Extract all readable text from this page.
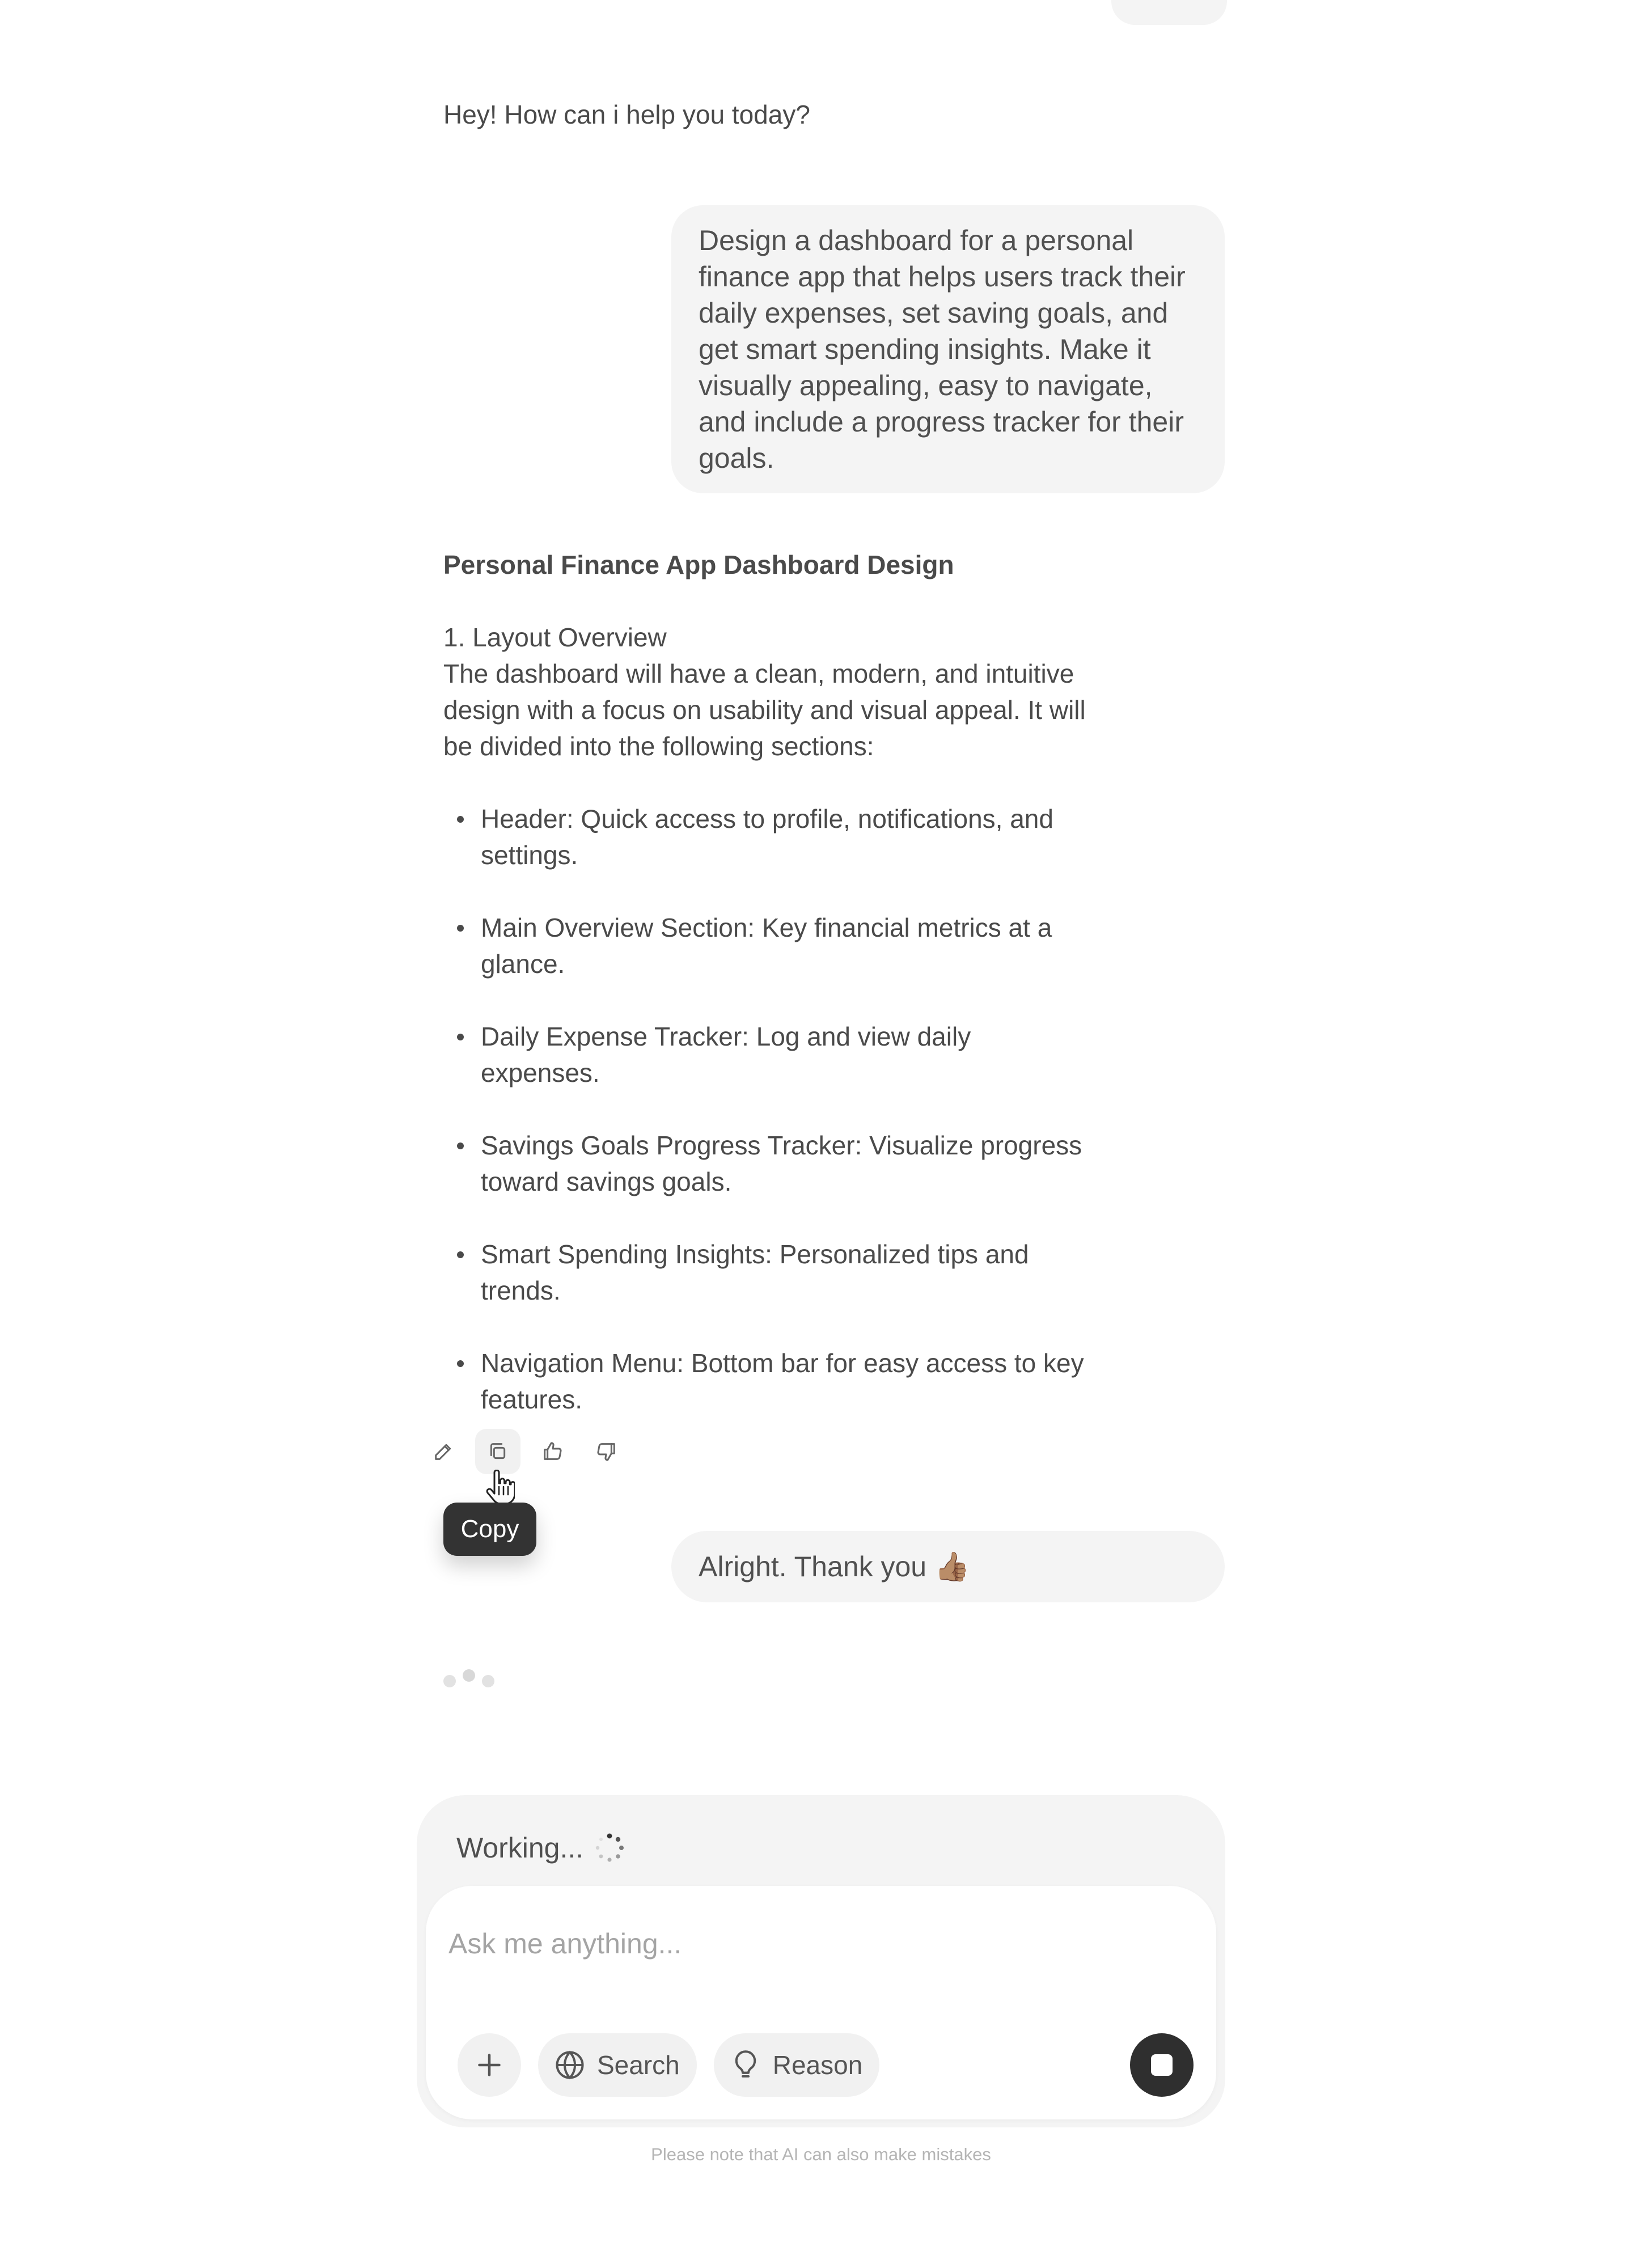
Hey! How can i help you today?
Design a dashboard for a personal finance app that helps users track their daily expenses, set saving goals, and get smart spending insights. Make it visually appealing, easy to navigate, and include a progress tracker for their goals.
Personal Finance App Dashboard Design

1. Layout Overview

The dashboard will have a clean, modern, and intuitive design with a focus on usability and visual appeal. It will be divided into the following sections:

Header: Quick access to profile, notifications, and settings.
Main Overview Section: Key financial metrics at a glance.
Daily Expense Tracker: Log and view daily expenses.
Savings Goals Progress Tracker: Visualize progress toward savings goals.
Smart Spending Insights: Personalized tips and trends.
Navigation Menu: Bottom bar for easy access to key features.
Copy
Alright. Thank you 👍🏽
Working...
Ask me anything...
Search	Reason
Please note that AI can also make mistakes
